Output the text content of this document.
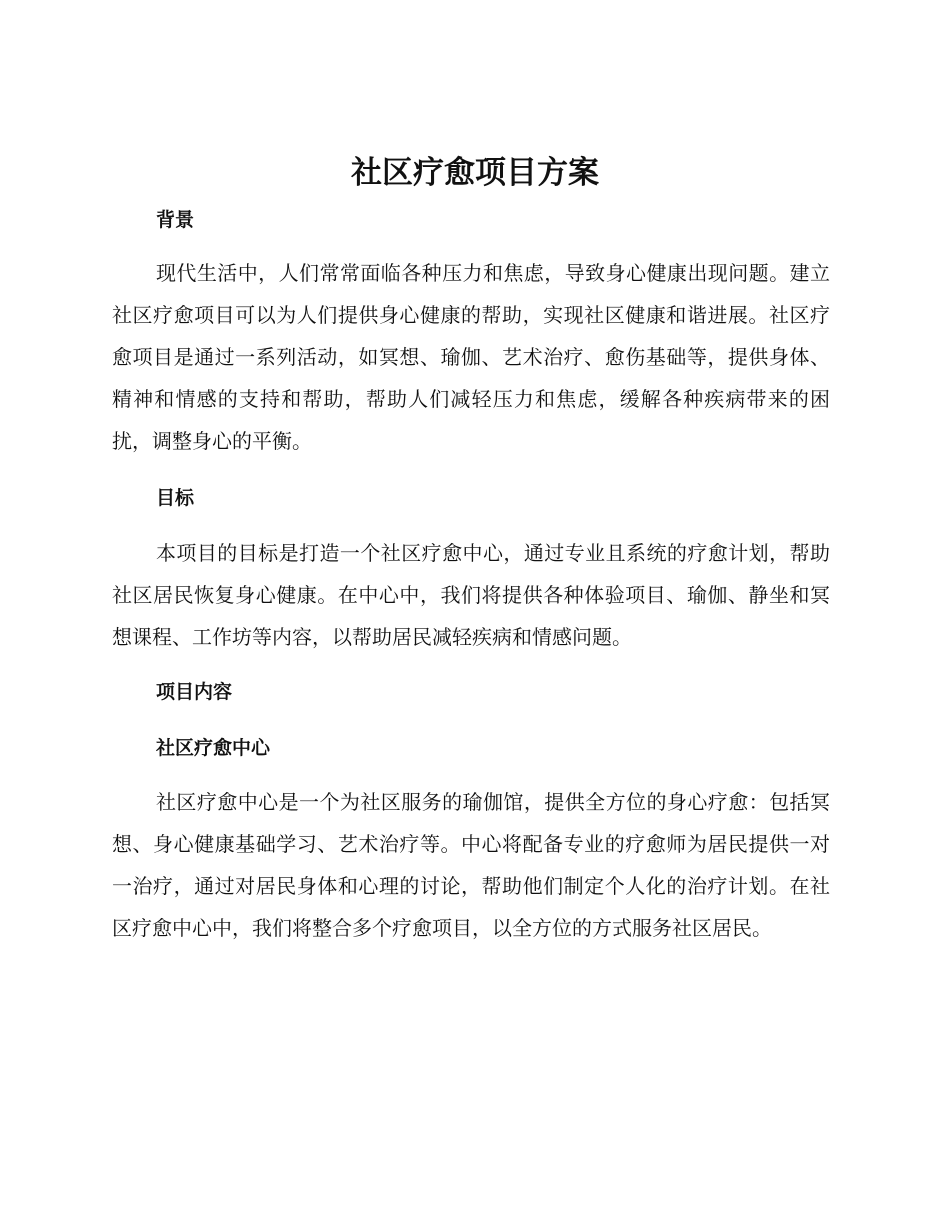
社区疗愈项目方案
背景

现代生活中，人们常常面临各种压力和焦虑，导致身心健康出现问题。建立社区疗愈项目可以为人们提供身心健康的帮助，实现社区健康和谐进展。社区疗愈项目是通过一系列活动，如冥想、瑜伽、艺术治疗、愈伤基础等，提供身体、精神和情感的支持和帮助，帮助人们减轻压力和焦虑，缓解各种疾病带来的困扰，调整身心的平衡。

目标

本项目的目标是打造一个社区疗愈中心，通过专业且系统的疗愈计划，帮助社区居民恢复身心健康。在中心中，我们将提供各种体验项目、瑜伽、静坐和冥想课程、工作坊等内容，以帮助居民减轻疾病和情感问题。

项目内容
社区疗愈中心

社区疗愈中心是一个为社区服务的瑜伽馆，提供全方位的身心疗愈：包括冥想、身心健康基础学习、艺术治疗等。中心将配备专业的疗愈师为居民提供一对一治疗，通过对居民身体和心理的讨论，帮助他们制定个人化的治疗计划。在社区疗愈中心中，我们将整合多个疗愈项目，以全方位的方式服务社区居民。
